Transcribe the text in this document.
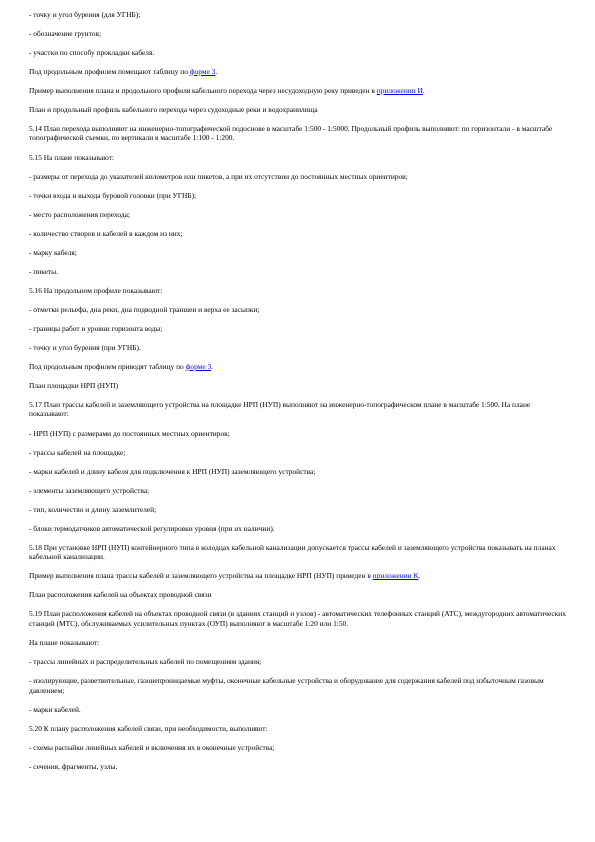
- точку и угол бурения (для УГНБ);

- обозначение грунтов;

- участки по способу прокладки кабеля.

Под продольным профилем помещают таблицу по форме 3.

Пример выполнения плана и продольного профиля кабельного перехода через несудоходную реку приведен в приложении И.

План и продольный профиль кабельного перехода через судоходные реки и водохранилища

5.14 План перехода выполняют на инженерно-топографической подоснове в масштабе 1:500 - 1:5000. Продольный профиль выполняют: по горизонтали - в масштабе топографической съемки, по вертикали в масштабе 1:100 - 1:200.

5.15 На плане показывают:

- размеры от перехода до указателей километров или пикетов, а при их отсутствии до постоянных местных ориентиров;

- точки входа и выхода буровой головки (при УГНБ);

- место расположения перехода;

- количество створов и кабелей в каждом из них;

- марку кабеля;

- пикеты.

5.16 На продольном профиле показывают:

- отметки рельефа, дна реки, дна подводной траншеи и верха ее засыпки;

- границы работ и уровни горизонта воды;

- точку и угол бурения (при УГНБ).

Под продольным профилем приводят таблицу по форме 3.

План площадки НРП (НУП)

5.17 План трассы кабелей и заземляющего устройства на площадке НРП (НУП) выполняют на инженерно-топографическом плане в масштабе 1:500. На плане показывают:

- НРП (НУП) с размерами до постоянных местных ориентиров;

- трассы кабелей на площадке;

- марки кабелей и длину кабеля для подключения к НРП (НУП) заземляющего устройства;

- элементы заземляющего устройства;

- тип, количество и длину заземлителей;

- блоки термодатчиков автоматической регулировки уровня (при их наличии).

5.18 При установке НРП (НУП) контейнерного типа в колодцах кабельной канализации допускается трассы кабелей и заземляющего устройства показывать на планах кабельной канализации.

Пример выполнения плана трассы кабелей и заземляющего устройства на площадке НРП (НУП) приведен в приложении К.

План расположения кабелей на объектах проводной связи

5.19 План расположения кабелей на объектах проводной связи (в зданиях станций и узлов) - автоматических телефонных станций (АТС), междугородних автоматических станций (МТС), обслуживаемых усилительных пунктах (ОУП) выполняют в масштабе 1:20 или 1:50.

На плане показывают:

- трассы линейных и распределительных кабелей по помещениям здания;

- изолирующие, разветвительные, газонепроницаемые муфты, оконечные кабельные устройства и оборудование для содержания кабелей под избыточным газовым давлением;

- марки кабелей.

5.20 К плану расположения кабелей связи, при необходимости, выполняют:

- схемы распайки линейных кабелей и включения их в оконечные устройства;

- сечения, фрагменты, узлы.
